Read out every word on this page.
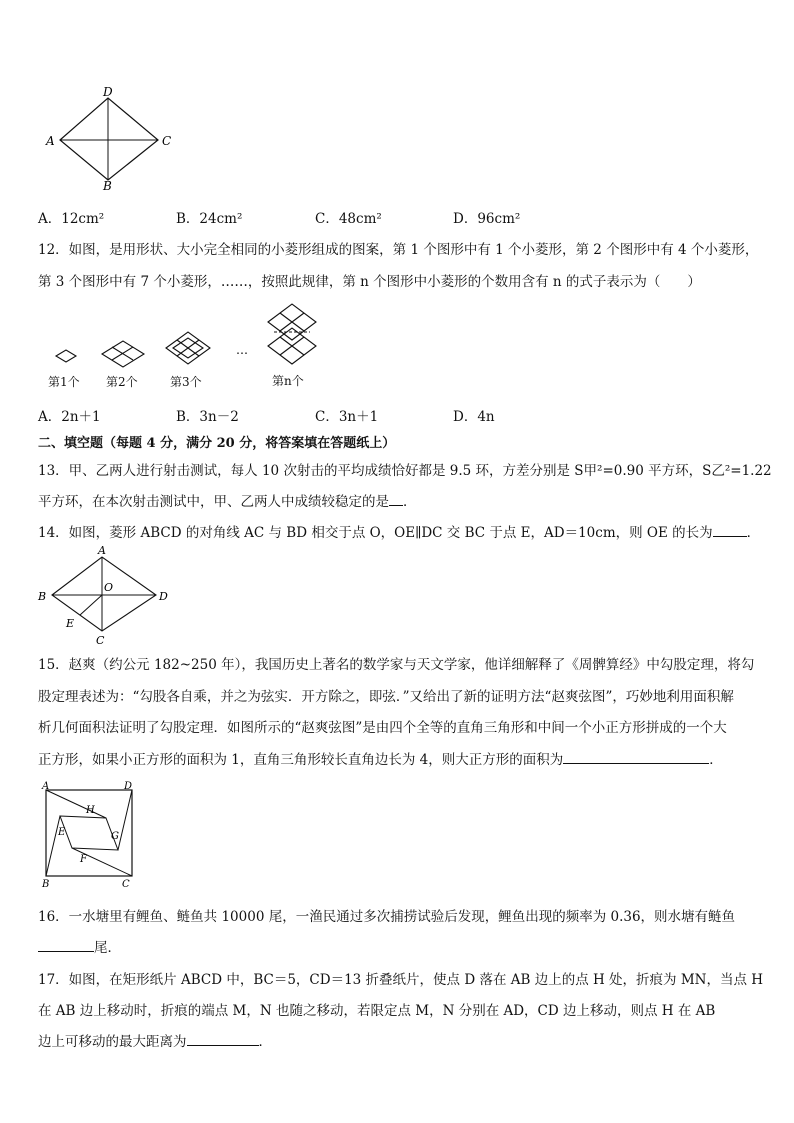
D
A	C
B
A．12cm²	B．24cm²	C．48cm²	D．96cm²
12．如图，是用形状、大小完全相同的小菱形组成的图案，第 1 个图形中有 1 个小菱形，第 2 个图形中有 4 个小菱形，
第 3 个图形中有 7 个小菱形，……，按照此规律，第 n 个图形中小菱形的个数用含有 n 的式子表示为（　　）
…
第1个 第2个	第3个	第n个
A．2n＋1	B．3n－2	C．3n＋1	D．4n
二、填空题（每题 4 分，满分 20 分，将答案填在答题纸上）
13．甲、乙两人进行射击测试，每人 10 次射击的平均成绩恰好都是 9.5 环，方差分别是 S甲²=0.90 平方环，S乙²=1.22
平方环，在本次射击测试中，甲、乙两人中成绩较稳定的是 ．
14．如图，菱形 ABCD 的对角线 AC 与 BD 相交于点 O，OE∥DC 交 BC 于点 E，AD＝10cm，则 OE 的长为	．
A
B
O
D
E
C
15．赵爽（约公元 182~250 年），我国历史上著名的数学家与天文学家，他详细解释了《周髀算经》中勾股定理，将勾
股定理表述为：“勾股各自乘，并之为弦实．开方除之，即弦．”又给出了新的证明方法“赵爽弦图”，巧妙地利用面积解
析几何面积法证明了勾股定理．如图所示的“赵爽弦图”是由四个全等的直角三角形和中间一个小正方形拼成的一个大
正方形，如果小正方形的面积为 1，直角三角形较长直角边长为 4，则大正方形的面积为	．
A	D
H
E	G
F
B	C
16．一水塘里有鲤鱼、鲢鱼共 10000 尾，一渔民通过多次捕捞试验后发现，鲤鱼出现的频率为 0.36，则水塘有鲢鱼
尾．
17．如图，在矩形纸片 ABCD 中，BC＝5，CD＝13 折叠纸片，使点 D 落在 AB 边上的点 H 处，折痕为 MN，当点 H
在 AB 边上移动时，折痕的端点 M，N 也随之移动，若限定点 M，N 分别在 AD，CD 边上移动，则点 H 在 AB
边上可移动的最大距离为	．
